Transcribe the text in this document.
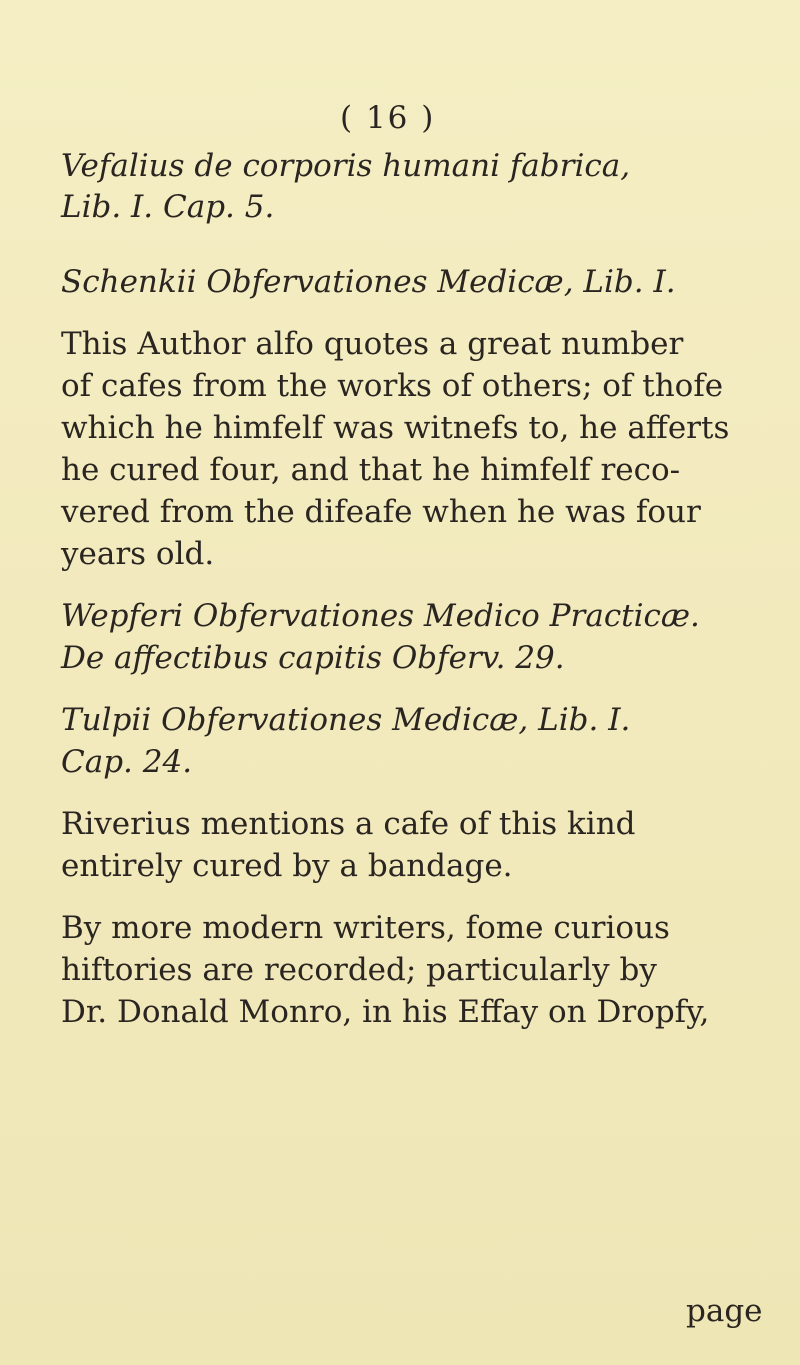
( 16 )
Vefalius de corporis humani fabrica,
Lib. I. Cap. 5.
Schenkii Obfervationes Medicæ, Lib. I.
This Author alfo quotes a great number
of cafes from the works of others; of thofe
which he himfelf was witnefs to, he afferts
he cured four, and that he himfelf reco-
vered from the difeafe when he was four
years old.
Wepferi Obfervationes Medico Practicæ.
De affectibus capitis Obferv. 29.
Tulpii Obfervationes Medicæ, Lib. I.
Cap. 24.
Riverius mentions a cafe of this kind
entirely cured by a bandage.
By more modern writers, fome curious
hiftories are recorded; particularly by
Dr. Donald Monro, in his Effay on Dropfy,
page
